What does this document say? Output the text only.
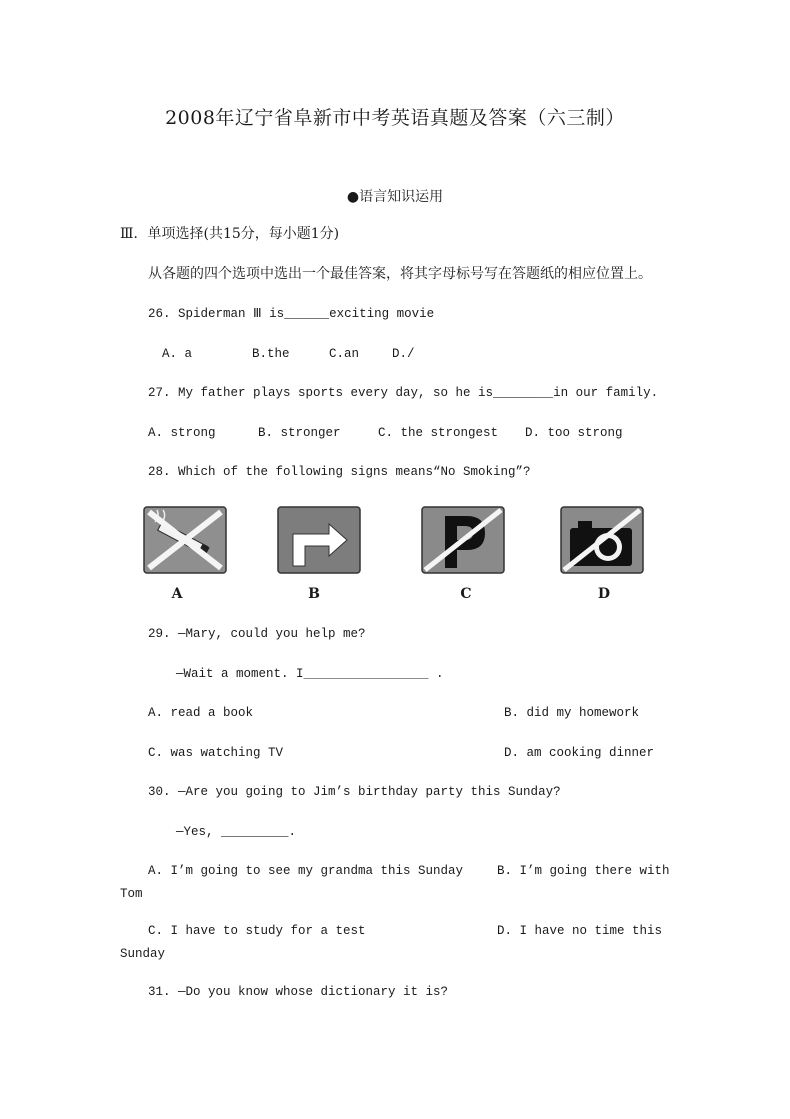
2008年辽宁省阜新市中考英语真题及答案（六三制）
●语言知识运用
Ⅲ．单项选择(共15分，每小题1分)
从各题的四个选项中选出一个最佳答案，将其字母标号写在答题纸的相应位置上。
26. Spiderman Ⅲ is______exciting movie
A. a	B.the	C.an	D./
27. My father plays sports every day, so he is________in our family.
A. strong	B. stronger	C. the strongest D. too strong
28. Which of the following signs means“No Smoking”?
A	B	C	D
29. —Mary, could you help me?
—Wait a moment. I＿＿＿＿＿＿＿＿＿＿ .
A. read a book	B. did my homework
C. was watching TV	D. am cooking dinner
30. —Are you going to Jim’s birthday party this Sunday?
—Yes, _________.
A. I’m going to see my grandma this Sunday	B. I’m going there with
Tom
C. I have to study for a test	D. I have no time this
Sunday
31. —Do you know whose dictionary it is?
